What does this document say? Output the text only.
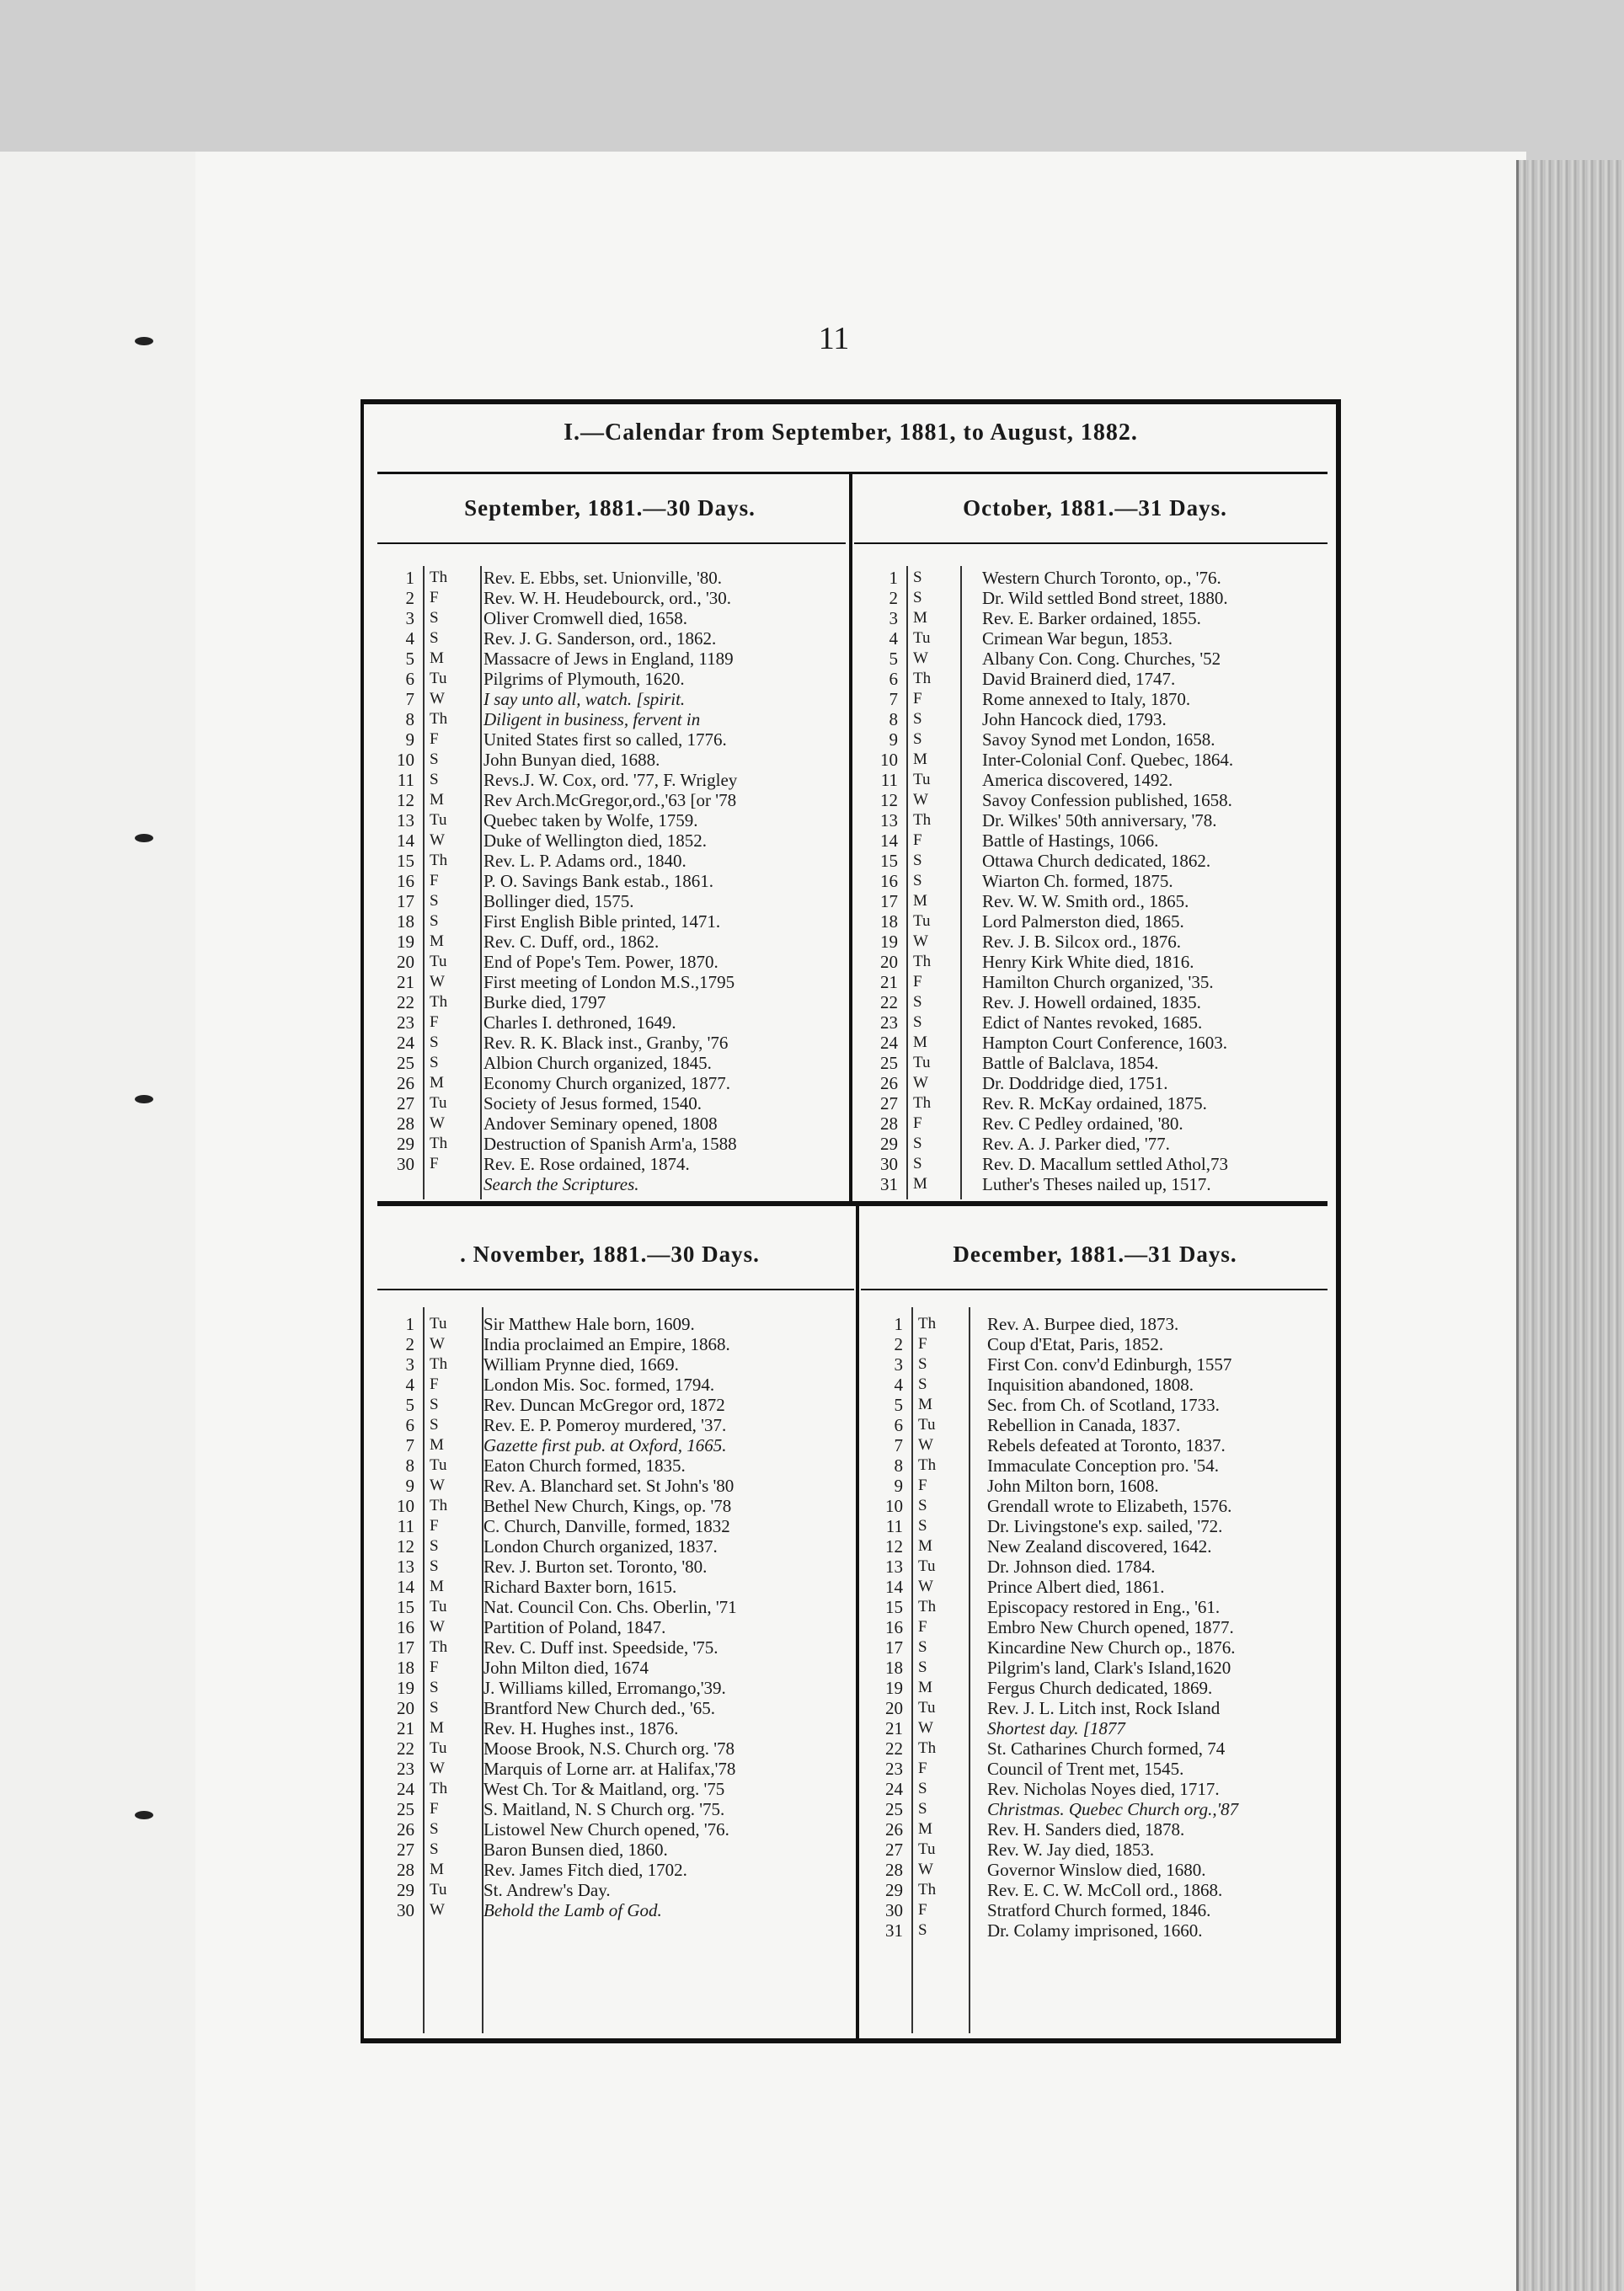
11
I.—Calendar from September, 1881, to August, 1882.
September, 1881.—30 Days.	October, 1881.—31 Days.
. November, 1881.—30 Days.	December, 1881.—31 Days.
1 Th Rev. E. Ebbs, set. Unionville, '80.
2 F	Rev. W. H. Heudebourck, ord., '30.
3 S	Oliver Cromwell died, 1658.
4 S	Rev. J. G. Sanderson, ord., 1862.
5 M Massacre of Jews in England, 1189
6 Tu Pilgrims of Plymouth, 1620.
7 W I say unto all, watch. [spirit.
8 Th Diligent in business, fervent in
9 F	United States first so called, 1776.
10 S	John Bunyan died, 1688.
11 S	Revs.J. W. Cox, ord. '77, F. Wrigley
12 M Rev Arch.McGregor,ord.,'63 [or '78
13 Tu Quebec taken by Wolfe, 1759.
14 W Duke of Wellington died, 1852.
15 Th Rev. L. P. Adams ord., 1840.
16 F	P. O. Savings Bank estab., 1861.
17 S	Bollinger died, 1575.
18 S	First English Bible printed, 1471.
19 M Rev. C. Duff, ord., 1862.
20 Tu End of Pope's Tem. Power, 1870.
21 W First meeting of London M.S.,1795
22 Th Burke died, 1797
23 F	Charles I. dethroned, 1649.
24 S	Rev. R. K. Black inst., Granby, '76
25 S	Albion Church organized, 1845.
26 M Economy Church organized, 1877.
27 Tu Society of Jesus formed, 1540.
28 W Andover Seminary opened, 1808
29 Th Destruction of Spanish Arm'a, 1588
30 F	Rev. E. Rose ordained, 1874.
Search the Scriptures.
1 S	Western Church Toronto, op., '76.
2 S	Dr. Wild settled Bond street, 1880.
3 M	Rev. E. Barker ordained, 1855.
4 Tu	Crimean War begun, 1853.
5 W	Albany Con. Cong. Churches, '52
6 Th	David Brainerd died, 1747.
7 F	Rome annexed to Italy, 1870.
8 S	John Hancock died, 1793.
9 S	Savoy Synod met London, 1658.
10 M	Inter-Colonial Conf. Quebec, 1864.
11 Tu	America discovered, 1492.
12 W	Savoy Confession published, 1658.
13 Th	Dr. Wilkes' 50th anniversary, '78.
14 F	Battle of Hastings, 1066.
15 S	Ottawa Church dedicated, 1862.
16 S	Wiarton Ch. formed, 1875.
17 M	Rev. W. W. Smith ord., 1865.
18 Tu	Lord Palmerston died, 1865.
19 W	Rev. J. B. Silcox ord., 1876.
20 Th	Henry Kirk White died, 1816.
21 F	Hamilton Church organized, '35.
22 S	Rev. J. Howell ordained, 1835.
23 S	Edict of Nantes revoked, 1685.
24 M	Hampton Court Conference, 1603.
25 Tu	Battle of Balclava, 1854.
26 W	Dr. Doddridge died, 1751.
27 Th	Rev. R. McKay ordained, 1875.
28 F	Rev. C Pedley ordained, '80.
29 S	Rev. A. J. Parker died, '77.
30 S	Rev. D. Macallum settled Athol,73
31 M	Luther's Theses nailed up, 1517.
1 Tu Sir Matthew Hale born, 1609.
2 W India proclaimed an Empire, 1868.
3 Th William Prynne died, 1669.
4 F	London Mis. Soc. formed, 1794.
5 S	Rev. Duncan McGregor ord, 1872
6 S	Rev. E. P. Pomeroy murdered, '37.
7 M Gazette first pub. at Oxford, 1665.
8 Tu Eaton Church formed, 1835.
9 W Rev. A. Blanchard set. St John's '80
10 Th Bethel New Church, Kings, op. '78
11 F	C. Church, Danville, formed, 1832
12 S	London Church organized, 1837.
13 S	Rev. J. Burton set. Toronto, '80.
14 M Richard Baxter born, 1615.
15 Tu Nat. Council Con. Chs. Oberlin, '71
16 W Partition of Poland, 1847.
17 Th Rev. C. Duff inst. Speedside, '75.
18 F	John Milton died, 1674
19 S	J. Williams killed, Erromango,'39.
20 S	Brantford New Church ded., '65.
21 M Rev. H. Hughes inst., 1876.
22 Tu Moose Brook, N.S. Church org. '78
23 W Marquis of Lorne arr. at Halifax,'78
24 Th West Ch. Tor & Maitland, org. '75
25 F	S. Maitland, N. S Church org. '75.
26 S	Listowel New Church opened, '76.
27 S	Baron Bunsen died, 1860.
28 M Rev. James Fitch died, 1702.
29 Tu St. Andrew's Day.
30 W Behold the Lamb of God.
1 Th	Rev. A. Burpee died, 1873.
2 F	Coup d'Etat, Paris, 1852.
3 S	First Con. conv'd Edinburgh, 1557
4 S	Inquisition abandoned, 1808.
5 M	Sec. from Ch. of Scotland, 1733.
6 Tu	Rebellion in Canada, 1837.
7 W	Rebels defeated at Toronto, 1837.
8 Th	Immaculate Conception pro. '54.
9 F	John Milton born, 1608.
10 S	Grendall wrote to Elizabeth, 1576.
11 S	Dr. Livingstone's exp. sailed, '72.
12 M	New Zealand discovered, 1642.
13 Tu	Dr. Johnson died. 1784.
14 W	Prince Albert died, 1861.
15 Th	Episcopacy restored in Eng., '61.
16 F	Embro New Church opened, 1877.
17 S	Kincardine New Church op., 1876.
18 S	Pilgrim's land, Clark's Island,1620
19 M	Fergus Church dedicated, 1869.
20 Tu	Rev. J. L. Litch inst, Rock Island
21 W	Shortest day. [1877
22 Th	St. Catharines Church formed, 74
23 F	Council of Trent met, 1545.
24 S	Rev. Nicholas Noyes died, 1717.
25 S	Christmas. Quebec Church org.,'87
26 M	Rev. H. Sanders died, 1878.
27 Tu	Rev. W. Jay died, 1853.
28 W	Governor Winslow died, 1680.
29 Th	Rev. E. C. W. McColl ord., 1868.
30 F	Stratford Church formed, 1846.
31 S	Dr. Colamy imprisoned, 1660.
